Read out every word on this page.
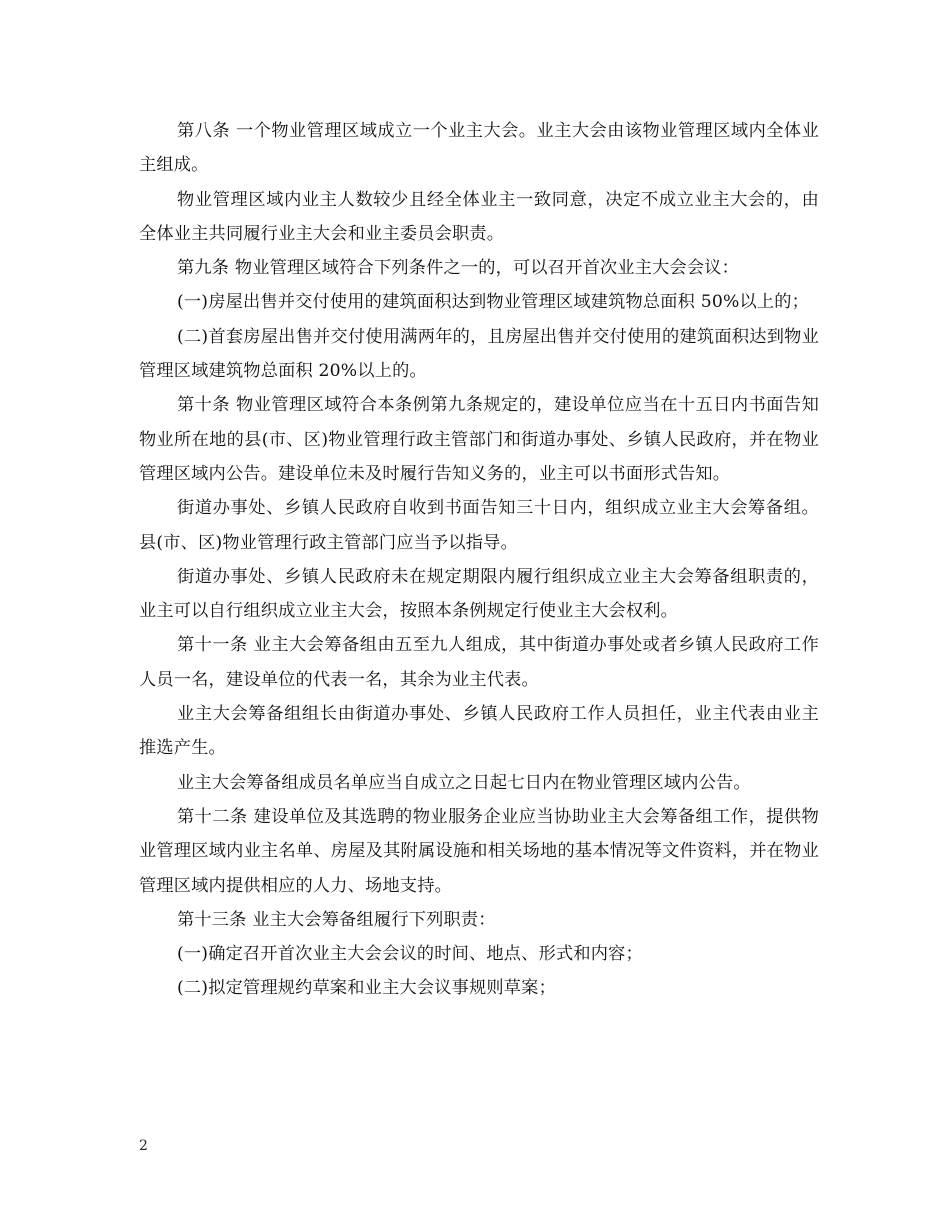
第八条 一个物业管理区域成立一个业主大会。业主大会由该物业管理区域内全体业主组成。

物业管理区域内业主人数较少且经全体业主一致同意，决定不成立业主大会的，由全体业主共同履行业主大会和业主委员会职责。

第九条 物业管理区域符合下列条件之一的，可以召开首次业主大会会议：

(一)房屋出售并交付使用的建筑面积达到物业管理区域建筑物总面积 50%以上的；

(二)首套房屋出售并交付使用满两年的，且房屋出售并交付使用的建筑面积达到物业管理区域建筑物总面积 20%以上的。

第十条 物业管理区域符合本条例第九条规定的，建设单位应当在十五日内书面告知物业所在地的县(市、区)物业管理行政主管部门和街道办事处、乡镇人民政府，并在物业管理区域内公告。建设单位未及时履行告知义务的，业主可以书面形式告知。

街道办事处、乡镇人民政府自收到书面告知三十日内，组织成立业主大会筹备组。县(市、区)物业管理行政主管部门应当予以指导。

街道办事处、乡镇人民政府未在规定期限内履行组织成立业主大会筹备组职责的，业主可以自行组织成立业主大会，按照本条例规定行使业主大会权利。

第十一条 业主大会筹备组由五至九人组成，其中街道办事处或者乡镇人民政府工作人员一名，建设单位的代表一名，其余为业主代表。

业主大会筹备组组长由街道办事处、乡镇人民政府工作人员担任，业主代表由业主推选产生。

业主大会筹备组成员名单应当自成立之日起七日内在物业管理区域内公告。

第十二条 建设单位及其选聘的物业服务企业应当协助业主大会筹备组工作，提供物业管理区域内业主名单、房屋及其附属设施和相关场地的基本情况等文件资料，并在物业管理区域内提供相应的人力、场地支持。

第十三条 业主大会筹备组履行下列职责：

(一)确定召开首次业主大会会议的时间、地点、形式和内容；

(二)拟定管理规约草案和业主大会议事规则草案；

2
